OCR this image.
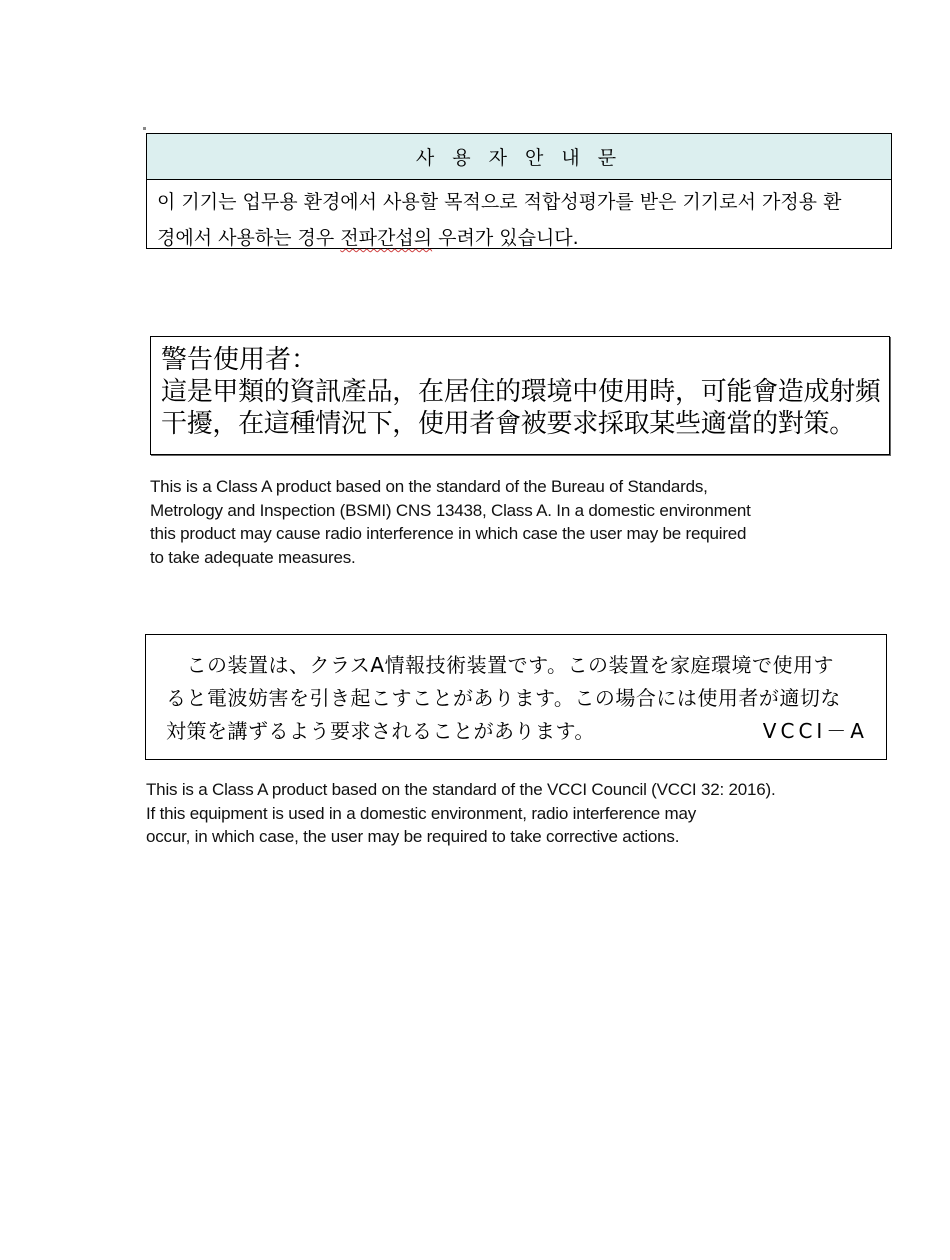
사 용 자 안 내 문
이 기기는 업무용 환경에서 사용할 목적으로 적합성평가를 받은 기기로서 가정용 환
경에서 사용하는 경우 전파간섭의 우려가 있습니다.
警告使用者：
這是甲類的資訊產品，在居住的環境中使用時，可能會造成射頻
干擾，在這種情況下，使用者會被要求採取某些適當的對策。
This is a Class A product based on the standard of the Bureau of Standards,
Metrology and Inspection (BSMI) CNS 13438, Class A. In a domestic environment
this product may cause radio interference in which case the user may be required
to take adequate measures.
　この装置は、クラスA情報技術装置です。この装置を家庭環境で使用す
ると電波妨害を引き起こすことがあります。この場合には使用者が適切な
対策を講ずるよう要求されることがあります。	VCCI－A
This is a Class A product based on the standard of the VCCI Council (VCCI 32: 2016).
If this equipment is used in a domestic environment, radio interference may
occur, in which case, the user may be required to take corrective actions.
